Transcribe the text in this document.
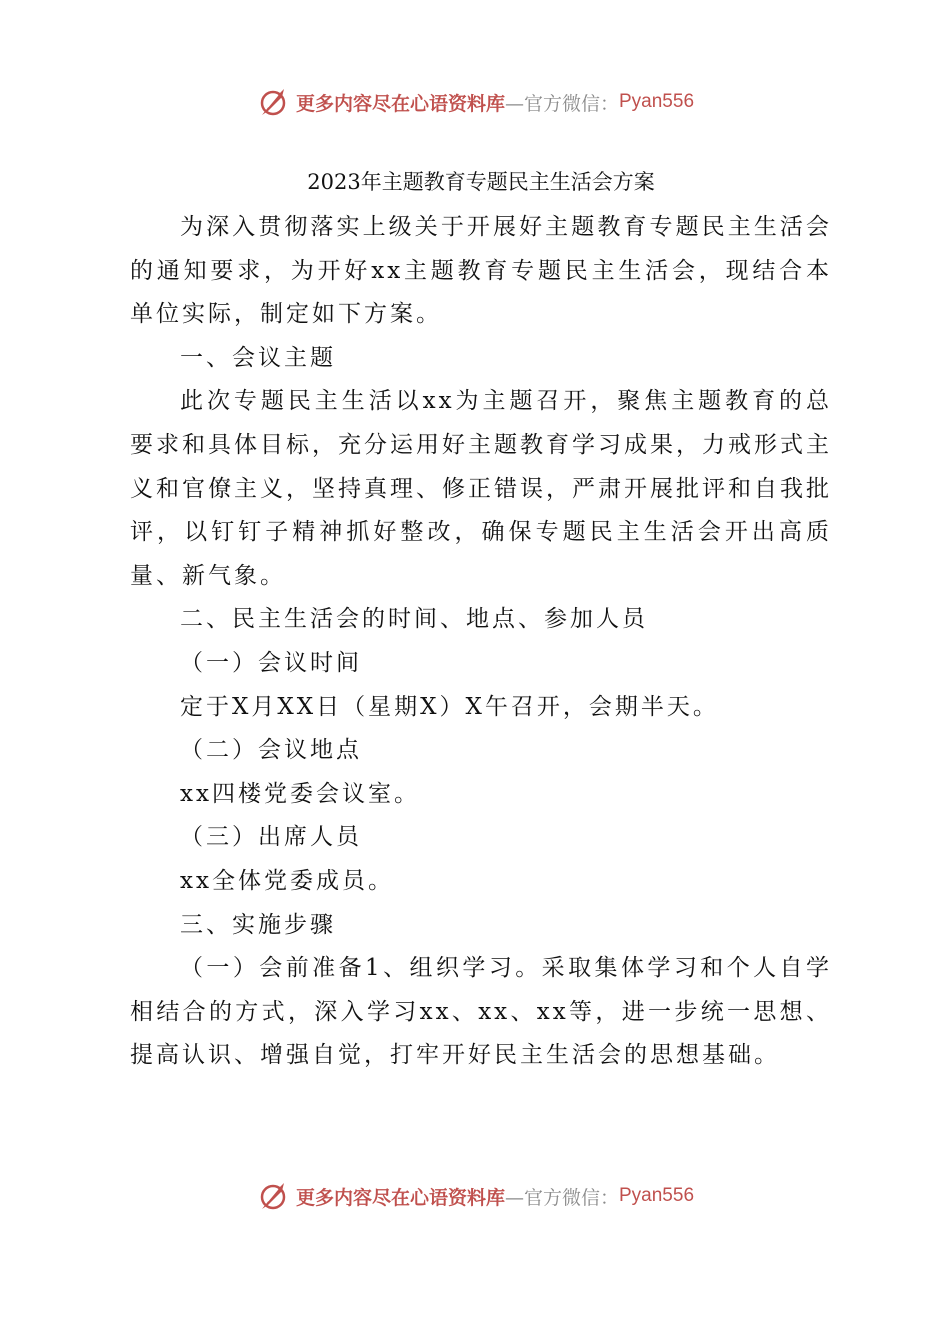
更多内容尽在心语资料库 —官方微信： Pyan556
2023年主题教育专题民主生活会方案

为深入贯彻落实上级关于开展好主题教育专题民主生活会的通知要求，为开好xx主题教育专题民主生活会，现结合本单位实际，制定如下方案。

一、会议主题

此次专题民主生活以xx为主题召开，聚焦主题教育的总要求和具体目标，充分运用好主题教育学习成果，力戒形式主义和官僚主义，坚持真理、修正错误，严肃开展批评和自我批评，以钉钉子精神抓好整改，确保专题民主生活会开出高质量、新气象。

二、民主生活会的时间、地点、参加人员

（一）会议时间

定于X月XX日（星期X）X午召开，会期半天。

（二）会议地点

xx四楼党委会议室。

（三）出席人员

xx全体党委成员。

三、实施步骤

（一）会前准备1、组织学习。采取集体学习和个人自学相结合的方式，深入学习xx、xx、xx等，进一步统一思想、提高认识、增强自觉，打牢开好民主生活会的思想基础。

更多内容尽在心语资料库 —官方微信： Pyan556
